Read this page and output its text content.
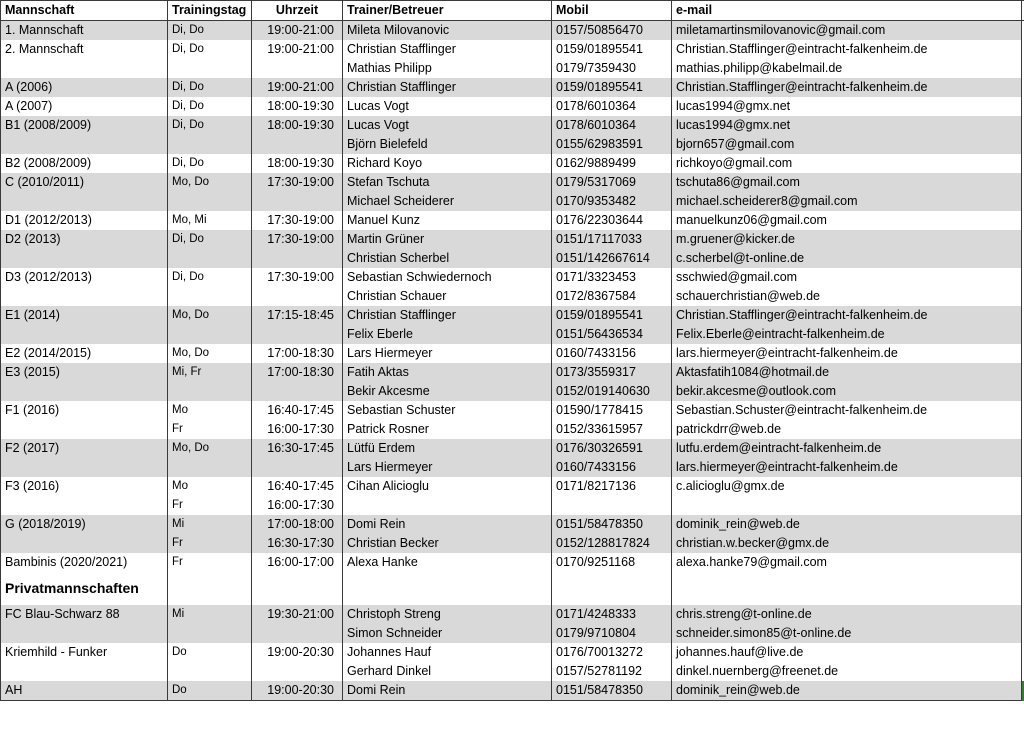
Mannschaft	Trainingstag	Uhrzeit	Trainer/Betreuer	Mobil	e-mail	
1. Mannschaft	Di, Do	19:00-21:00	Mileta Milovanovic	0157/50856470	miletamartinsmilovanovic@gmail.com	
2. Mannschaft	Di, Do	19:00-21:00	Christian Stafflinger	0159/01895541	Christian.Stafflinger@eintracht-falkenheim.de	
			Mathias Philipp	0179/7359430	mathias.philipp@kabelmail.de	
A (2006)	Di, Do	19:00-21:00	Christian Stafflinger	0159/01895541	Christian.Stafflinger@eintracht-falkenheim.de	
A (2007)	Di, Do	18:00-19:30	Lucas Vogt	0178/6010364	lucas1994@gmx.net	
B1 (2008/2009)	Di, Do	18:00-19:30	Lucas Vogt	0178/6010364	lucas1994@gmx.net	
			Björn Bielefeld	0155/62983591	bjorn657@gmail.com	
B2 (2008/2009)	Di, Do	18:00-19:30	Richard Koyo	0162/9889499	richkoyo@gmail.com	
C (2010/2011)	Mo, Do	17:30-19:00	Stefan Tschuta	0179/5317069	tschuta86@gmail.com	
			Michael Scheiderer	0170/9353482	michael.scheiderer8@gmail.com	
D1 (2012/2013)	Mo, Mi	17:30-19:00	Manuel Kunz	0176/22303644	manuelkunz06@gmail.com	
D2 (2013)	Di, Do	17:30-19:00	Martin Grüner	0151/17117033	m.gruener@kicker.de	
			Christian Scherbel	0151/142667614	c.scherbel@t-online.de	
D3 (2012/2013)	Di, Do	17:30-19:00	Sebastian Schwiedernoch	0171/3323453	sschwied@gmail.com	
			Christian Schauer	0172/8367584	schauerchristian@web.de	
E1 (2014)	Mo, Do	17:15-18:45	Christian Stafflinger	0159/01895541	Christian.Stafflinger@eintracht-falkenheim.de	
			Felix Eberle	0151/56436534	Felix.Eberle@eintracht-falkenheim.de	
E2 (2014/2015)	Mo, Do	17:00-18:30	Lars Hiermeyer	0160/7433156	lars.hiermeyer@eintracht-falkenheim.de	
E3 (2015)	Mi, Fr	17:00-18:30	Fatih Aktas	0173/3559317	Aktasfatih1084@hotmail.de	
			Bekir Akcesme	0152/019140630	bekir.akcesme@outlook.com	
F1 (2016)	Mo	16:40-17:45	Sebastian Schuster	01590/1778415	Sebastian.Schuster@eintracht-falkenheim.de	
	Fr	16:00-17:30	Patrick Rosner	0152/33615957	patrickdrr@web.de	
F2 (2017)	Mo, Do	16:30-17:45	Lütfü Erdem	0176/30326591	lutfu.erdem@eintracht-falkenheim.de	
			Lars Hiermeyer	0160/7433156	lars.hiermeyer@eintracht-falkenheim.de	
F3 (2016)	Mo	16:40-17:45	Cihan Alicioglu	0171/8217136	c.alicioglu@gmx.de	
	Fr	16:00-17:30				
G (2018/2019)	Mi	17:00-18:00	Domi Rein	0151/58478350	dominik_rein@web.de	
	Fr	16:30-17:30	Christian Becker	0152/128817824	christian.w.becker@gmx.de	
Bambinis (2020/2021)	Fr	16:00-17:00	Alexa Hanke	0170/9251168	alexa.hanke79@gmail.com	
Privatmannschaften						
FC Blau-Schwarz 88	Mi	19:30-21:00	Christoph Streng	0171/4248333	chris.streng@t-online.de	
			Simon Schneider	0179/9710804	schneider.simon85@t-online.de	
Kriemhild - Funker	Do	19:00-20:30	Johannes Hauf	0176/70013272	johannes.hauf@live.de	
			Gerhard Dinkel	0157/52781192	dinkel.nuernberg@freenet.de	
AH	Do	19:00-20:30	Domi Rein	0151/58478350	dominik_rein@web.de	
